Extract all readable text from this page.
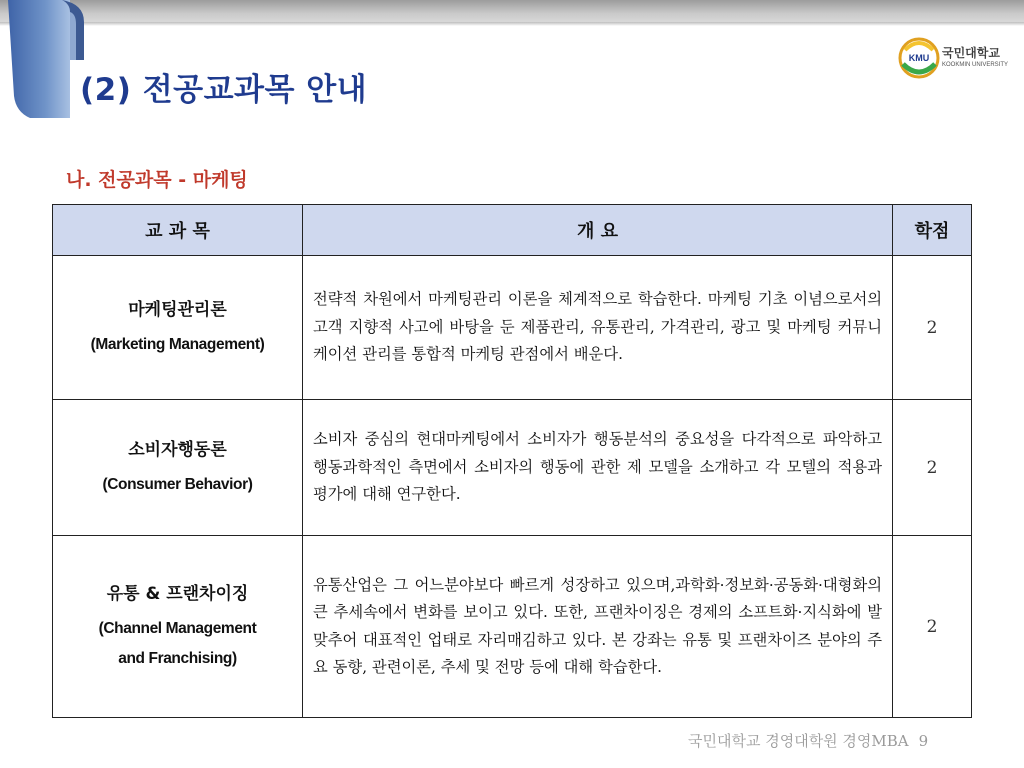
(2) 전공교과목 안내
KMU 국민대학교
KOOKMIN UNIVERSITY
나. 전공과목 - 마케팅
교 과 목	개 요	학점

마케팅관리론
(Marketing Management)	전략적 차원에서 마케팅관리 이론을 체계적으로 학습한다. 마케팅 기초 이념으로서의 고객 지향적 사고에 바탕을 둔 제품관리, 유통관리, 가격관리, 광고 및 마케팅 커뮤니케이션 관리를 통합적 마케팅 관점에서 배운다.	2

소비자행동론
(Consumer Behavior)	소비자 중심의 현대마케팅에서 소비자가 행동분석의 중요성을 다각적으로 파악하고 행동과학적인 측면에서 소비자의 행동에 관한 제 모델을 소개하고 각 모텔의 적용과 평가에 대해 연구한다.	2

유통 & 프랜차이징
(Channel Management and Franchising)	유통산업은 그 어느분야보다 빠르게 성장하고 있으며,과학화·정보화·공동화·대형화의 큰 추세속에서 변화를 보이고 있다. 또한, 프랜차이징은 경제의 소프트화·지식화에 발 맞추어 대표적인 업태로 자리매김하고 있다. 본 강좌는 유통 및 프랜차이즈 분야의 주요 동향, 관련이론, 추세 및 전망 등에 대해 학습한다.	2
국민대학교 경영대학원 경영MBA 9
